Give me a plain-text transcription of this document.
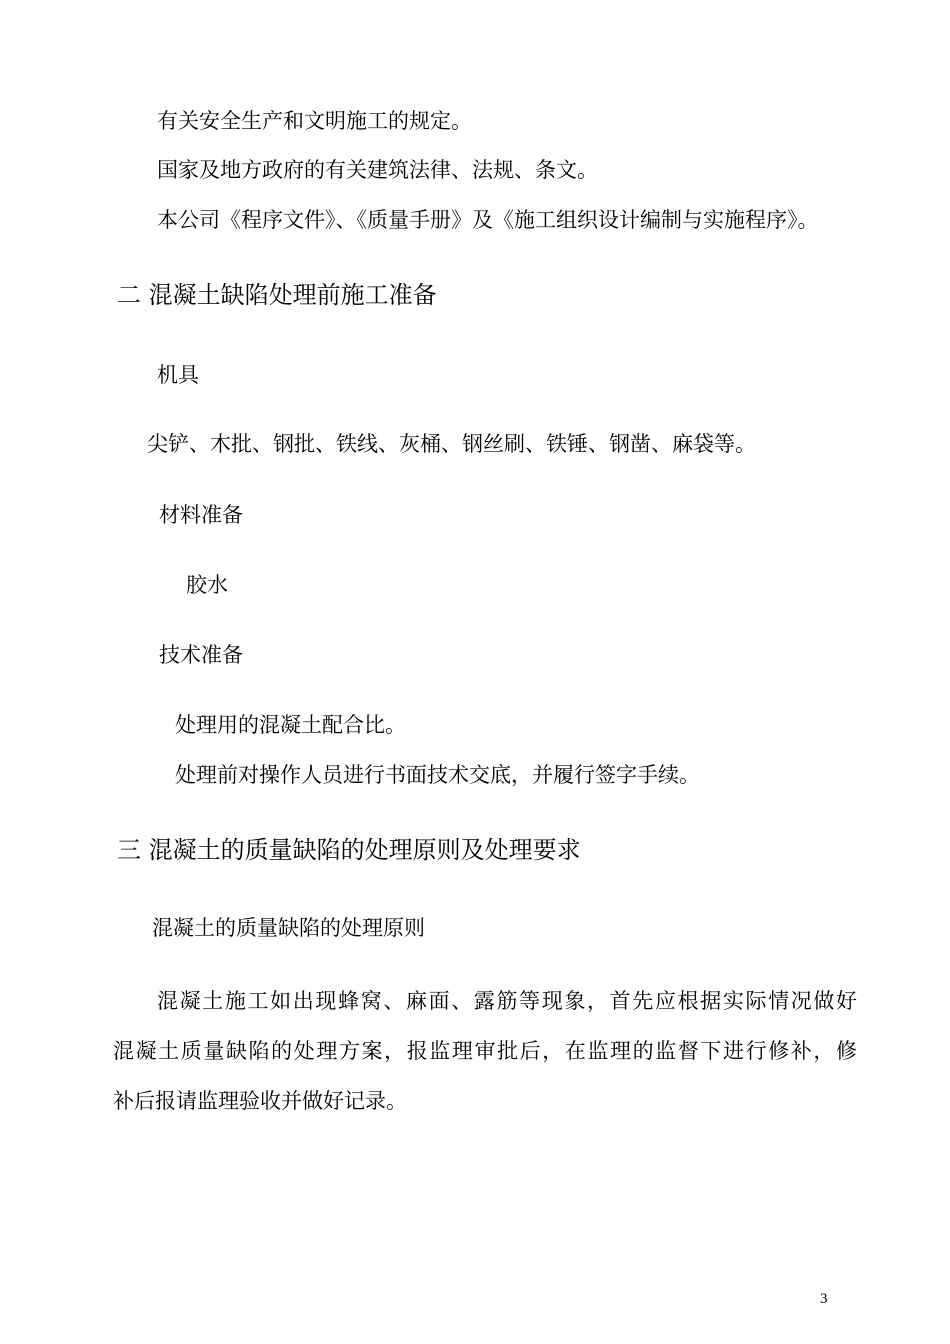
有关安全生产和文明施工的规定。
国家及地方政府的有关建筑法律、法规、条文。
本公司《程序文件》、《质量手册》及《施工组织设计编制与实施程序》。
二 混凝土缺陷处理前施工准备
机具
尖铲、木批、钢批、铁线、灰桶、钢丝刷、铁锤、钢凿、麻袋等。
材料准备
胶水
技术准备
处理用的混凝土配合比。
处理前对操作人员进行书面技术交底，并履行签字手续。
三 混凝土的质量缺陷的处理原则及处理要求
混凝土的质量缺陷的处理原则
混凝土施工如出现蜂窝、麻面、露筋等现象，首先应根据实际情况做好
混凝土质量缺陷的处理方案，报监理审批后，在监理的监督下进行修补，修
补后报请监理验收并做好记录。
3
